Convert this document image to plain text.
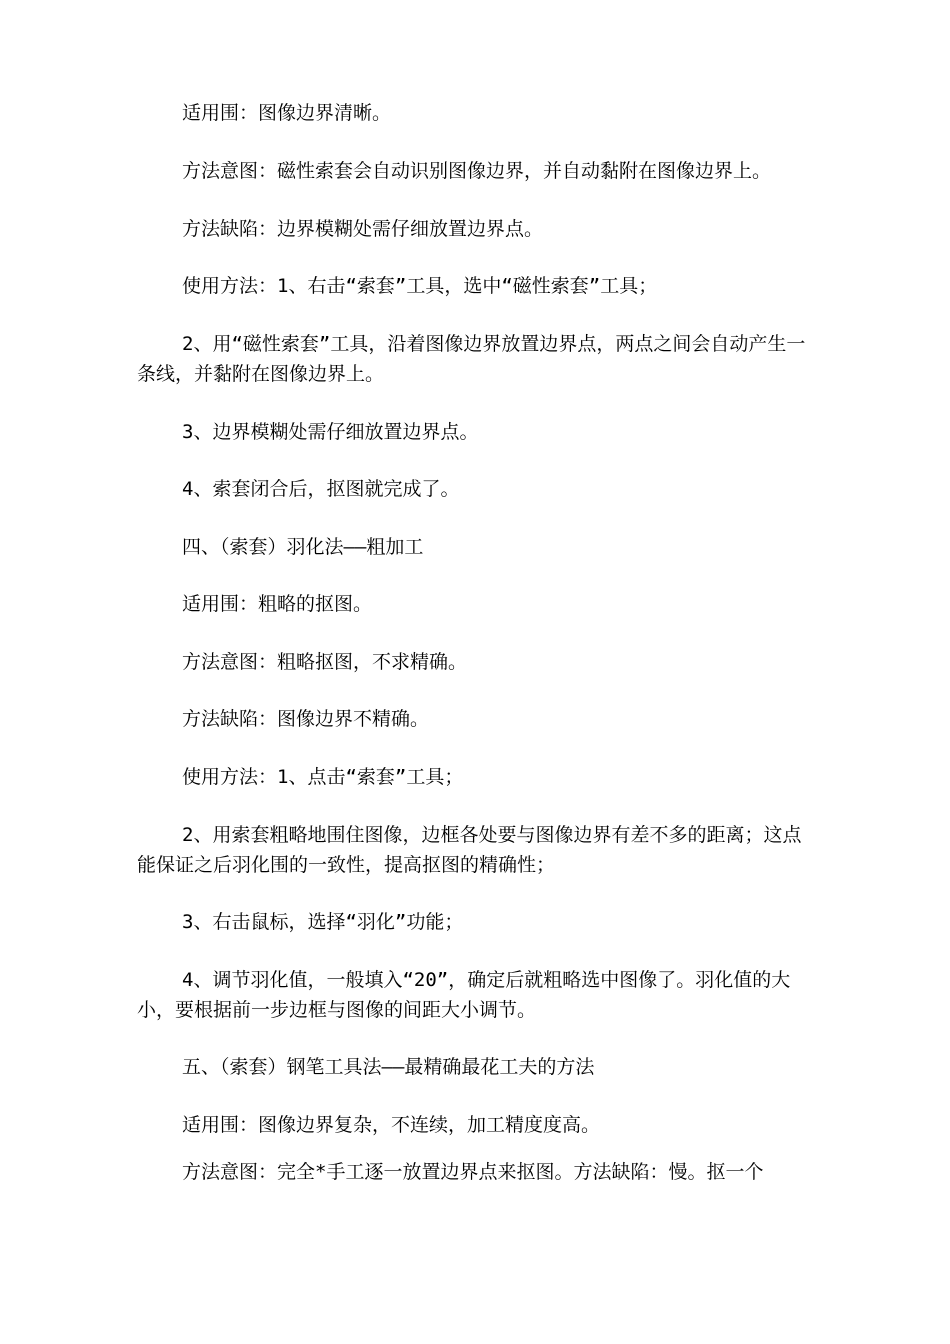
适用围：图像边界清晰。

方法意图：磁性索套会自动识别图像边界，并自动黏附在图像边界上。

方法缺陷：边界模糊处需仔细放置边界点。

使用方法：1、右击“索套”工具，选中“磁性索套”工具；

2、用“磁性索套”工具，沿着图像边界放置边界点，两点之间会自动产生一条线，并黏附在图像边界上。

3、边界模糊处需仔细放置边界点。

4、索套闭合后，抠图就完成了。

四、（索套）羽化法——粗加工

适用围：粗略的抠图。

方法意图：粗略抠图，不求精确。

方法缺陷：图像边界不精确。

使用方法：1、点击“索套”工具；

2、用索套粗略地围住图像，边框各处要与图像边界有差不多的距离；这点能保证之后羽化围的一致性，提高抠图的精确性；

3、右击鼠标，选择“羽化”功能；

4、调节羽化值，一般填入“20”，确定后就粗略选中图像了。羽化值的大小，要根据前一步边框与图像的间距大小调节。

五、（索套）钢笔工具法——最精确最花工夫的方法

适用围：图像边界复杂，不连续，加工精度度高。

方法意图：完全*手工逐一放置边界点来抠图。方法缺陷：慢。抠一个
